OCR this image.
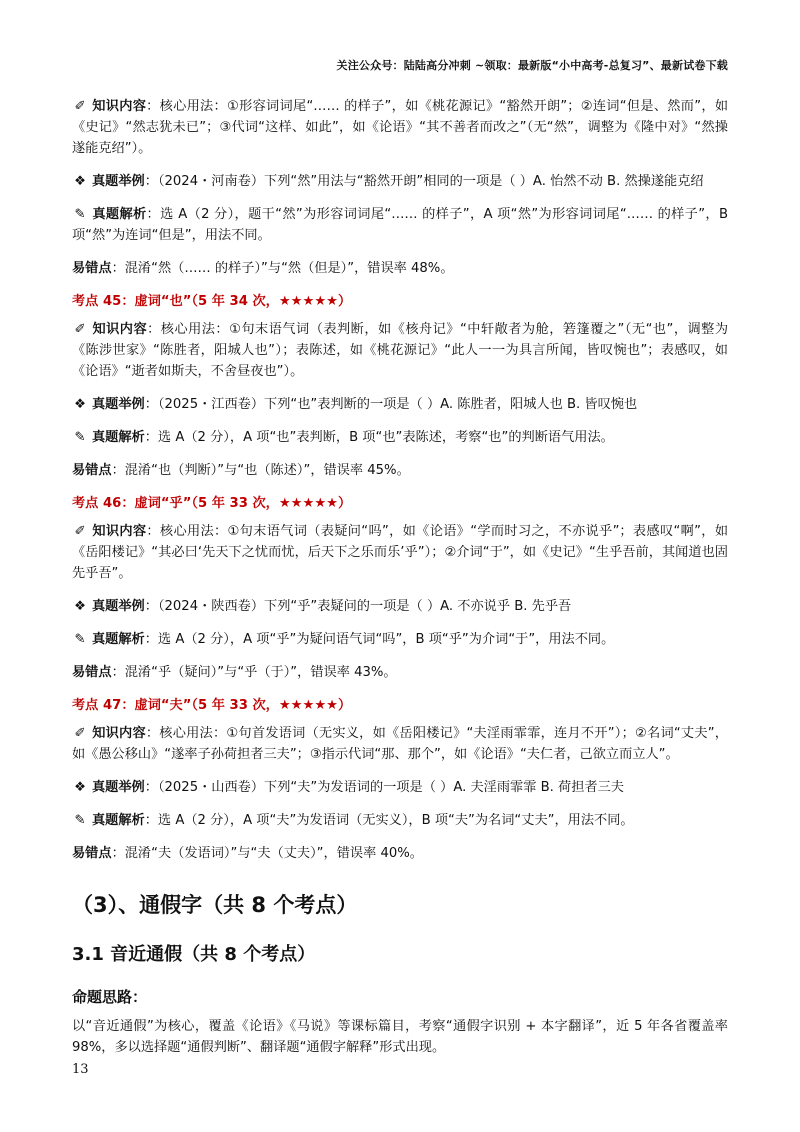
关注公众号：陆陆高分冲刺 ~领取：最新版“小中高考-总复习”、最新试卷下载

✐ 知识内容：核心用法：①形容词词尾“…… 的样子”，如《桃花源记》“豁然开朗”；②连词“但是、然而”，如《史记》“然志犹未已”；③代词“这样、如此”，如《论语》“其不善者而改之”（无“然”，调整为《隆中对》“然操遂能克绍”）。

❖ 真题举例：（2024・河南卷）下列“然”用法与“豁然开朗”相同的一项是（ ）A. 怡然不动 B. 然操遂能克绍

✎ 真题解析：选 A（2 分），题干“然”为形容词词尾“…… 的样子”，A 项“然”为形容词词尾“…… 的样子”，B 项“然”为连词“但是”，用法不同。

易错点：混淆“然（…… 的样子）”与“然（但是）”，错误率 48%。

考点 45：虚词“也”（5 年 34 次，★★★★★）

✐ 知识内容：核心用法：①句末语气词（表判断，如《核舟记》“中轩敞者为舱，箬篷覆之”（无“也”，调整为《陈涉世家》“陈胜者，阳城人也”）；表陈述，如《桃花源记》“此人一一为具言所闻，皆叹惋也”；表感叹，如《论语》“逝者如斯夫，不舍昼夜也”）。

❖ 真题举例：（2025・江西卷）下列“也”表判断的一项是（ ）A. 陈胜者，阳城人也 B. 皆叹惋也

✎ 真题解析：选 A（2 分），A 项“也”表判断，B 项“也”表陈述，考察“也”的判断语气用法。

易错点：混淆“也（判断）”与“也（陈述）”，错误率 45%。

考点 46：虚词“乎”（5 年 33 次，★★★★★）

✐ 知识内容：核心用法：①句末语气词（表疑问“吗”，如《论语》“学而时习之，不亦说乎”；表感叹“啊”，如《岳阳楼记》“其必曰‘先天下之忧而忧，后天下之乐而乐’乎”）；②介词“于”，如《史记》“生乎吾前，其闻道也固先乎吾”。

❖ 真题举例：（2024・陕西卷）下列“乎”表疑问的一项是（ ）A. 不亦说乎 B. 先乎吾

✎ 真题解析：选 A（2 分），A 项“乎”为疑问语气词“吗”，B 项“乎”为介词“于”，用法不同。

易错点：混淆“乎（疑问）”与“乎（于）”，错误率 43%。

考点 47：虚词“夫”（5 年 33 次，★★★★★）

✐ 知识内容：核心用法：①句首发语词（无实义，如《岳阳楼记》“夫淫雨霏霏，连月不开”）；②名词“丈夫”，如《愚公移山》“遂率子孙荷担者三夫”；③指示代词“那、那个”，如《论语》“夫仁者，己欲立而立人”。

❖ 真题举例：（2025・山西卷）下列“夫”为发语词的一项是（ ）A. 夫淫雨霏霏 B. 荷担者三夫

✎ 真题解析：选 A（2 分），A 项“夫”为发语词（无实义），B 项“夫”为名词“丈夫”，用法不同。

易错点：混淆“夫（发语词）”与“夫（丈夫）”，错误率 40%。

（3）、通假字（共 8 个考点）
3.1 音近通假（共 8 个考点）
命题思路：

以“音近通假”为核心，覆盖《论语》《马说》等课标篇目，考察“通假字识别 + 本字翻译”，近 5 年各省覆盖率 98%，多以选择题“通假判断”、翻译题“通假字解释”形式出现。

13
